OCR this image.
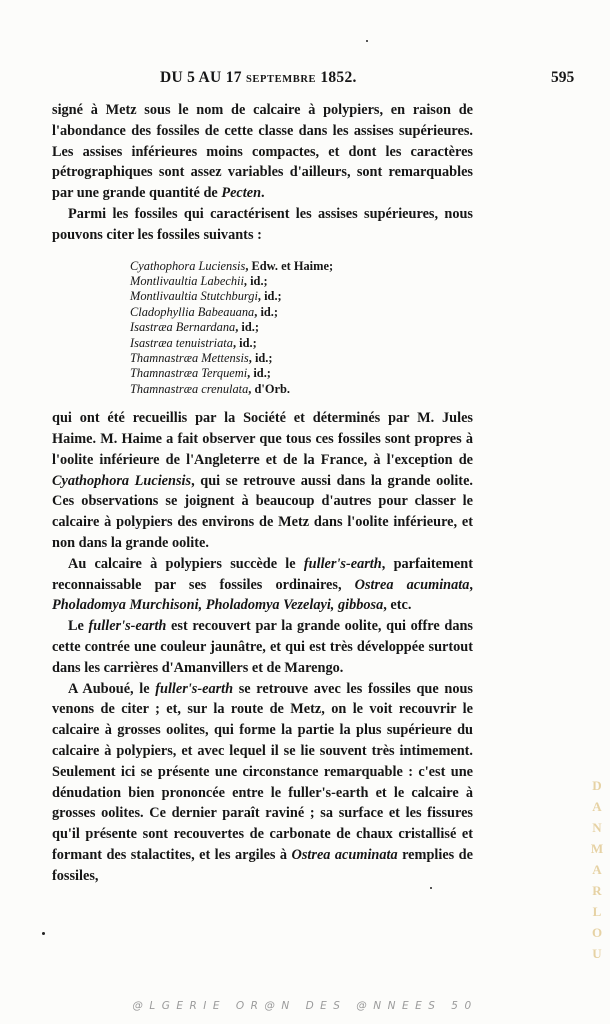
DU 5 AU 17 SEPTEMBRE 1852.	595

signé à Metz sous le nom de calcaire à polypiers, en raison de l'abondance des fossiles de cette classe dans les assises supérieures. Les assises inférieures moins compactes, et dont les caractères pétrographiques sont assez variables d'ailleurs, sont remarquables par une grande quantité de Pecten.

Parmi les fossiles qui caractérisent les assises supérieures, nous pouvons citer les fossiles suivants :

Cyathophora Luciensis, Edw. et Haime;
Montlivaultia Labechii, id.;
Montlivaultia Stutchburgi, id.;
Cladophyllia Babeauana, id.;
Isastræa Bernardana, id.;
Isastræa tenuistriata, id.;
Thamnastræa Mettensis, id.;
Thamnastræa Terquemi, id.;
Thamnastræa crenulata, d'Orb.

qui ont été recueillis par la Société et déterminés par M. Jules Haime. M. Haime a fait observer que tous ces fossiles sont propres à l'oolite inférieure de l'Angleterre et de la France, à l'exception de Cyathophora Luciensis, qui se retrouve aussi dans la grande oolite. Ces observations se joignent à beaucoup d'autres pour classer le calcaire à polypiers des environs de Metz dans l'oolite inférieure, et non dans la grande oolite.

Au calcaire à polypiers succède le fuller's-earth, parfaitement reconnaissable par ses fossiles ordinaires, Ostrea acuminata, Pholadomya Murchisoni, Pholadomya Vezelayi, gibbosa, etc.

Le fuller's-earth est recouvert par la grande oolite, qui offre dans cette contrée une couleur jaunâtre, et qui est très développée surtout dans les carrières d'Amanvillers et de Marengo.

A Auboué, le fuller's-earth se retrouve avec les fossiles que nous venons de citer ; et, sur la route de Metz, on le voit recouvrir le calcaire à grosses oolites, qui forme la partie la plus supérieure du calcaire à polypiers, et avec lequel il se lie souvent très intimement. Seulement ici se présente une circonstance remarquable : c'est une dénudation bien prononcée entre le fuller's-earth et le calcaire à grosses oolites. Ce dernier paraît raviné ; sa surface et les fissures qu'il présente sont recouvertes de carbonate de chaux cristallisé et formant des stalactites, et les argiles à Ostrea acuminata remplies de fossiles,

DANMARLOU
@LGERIE OR@N DES @NNEES 50
